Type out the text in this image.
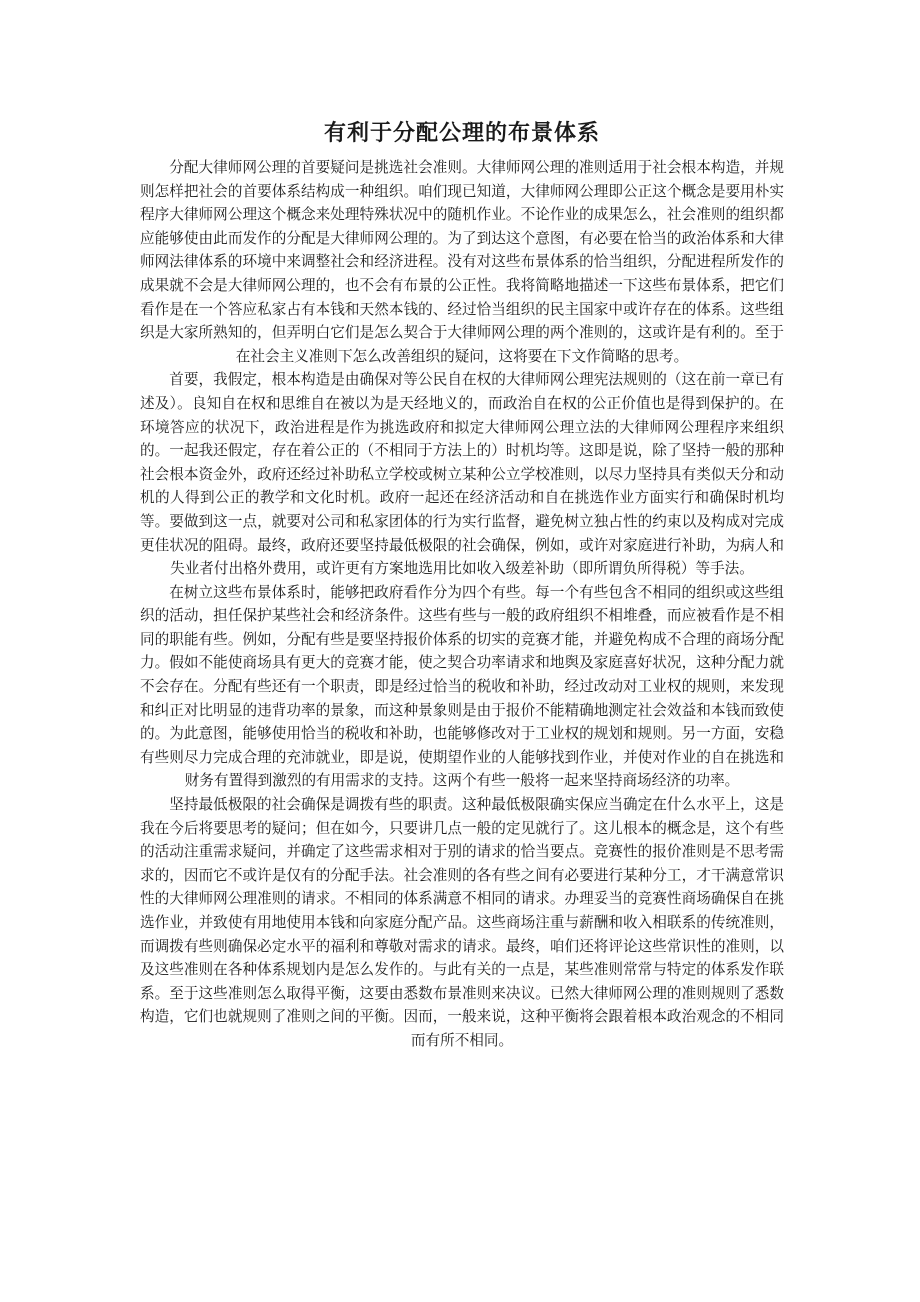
有利于分配公理的布景体系

分配大律师网公理的首要疑问是挑选社会准则。大律师网公理的准则适用于社会根本构造，并规则怎样把社会的首要体系结构成一种组织。咱们现已知道，大律师网公理即公正这个概念是要用朴实程序大律师网公理这个概念来处理特殊状况中的随机作业。不论作业的成果怎么，社会准则的组织都应能够使由此而发作的分配是大律师网公理的。为了到达这个意图，有必要在恰当的政治体系和大律师网法律体系的环境中来调整社会和经济进程。没有对这些布景体系的恰当组织，分配进程所发作的成果就不会是大律师网公理的，也不会有布景的公正性。我将简略地描述一下这些布景体系，把它们看作是在一个答应私家占有本钱和天然本钱的、经过恰当组织的民主国家中或许存在的体系。这些组织是大家所熟知的，但弄明白它们是怎么契合于大律师网公理的两个准则的，这或许是有利的。至于在社会主义准则下怎么改善组织的疑问，这将要在下文作简略的思考。

首要，我假定，根本构造是由确保对等公民自在权的大律师网公理宪法规则的（这在前一章已有述及）。良知自在权和思维自在被以为是天经地义的，而政治自在权的公正价值也是得到保护的。在环境答应的状况下，政治进程是作为挑选政府和拟定大律师网公理立法的大律师网公理程序来组织的。一起我还假定，存在着公正的（不相同于方法上的）时机均等。这即是说，除了坚持一般的那种社会根本资金外，政府还经过补助私立学校或树立某种公立学校准则，以尽力坚持具有类似天分和动机的人得到公正的教学和文化时机。政府一起还在经济活动和自在挑选作业方面实行和确保时机均等。要做到这一点，就要对公司和私家团体的行为实行监督，避免树立独占性的约束以及构成对完成更佳状况的阻碍。最终，政府还要坚持最低极限的社会确保，例如，或许对家庭进行补助，为病人和失业者付出格外费用，或许更有方案地选用比如收入级差补助（即所谓负所得税）等手法。

在树立这些布景体系时，能够把政府看作分为四个有些。每一个有些包含不相同的组织或这些组织的活动，担任保护某些社会和经济条件。这些有些与一般的政府组织不相堆叠，而应被看作是不相同的职能有些。例如，分配有些是要坚持报价体系的切实的竞赛才能，并避免构成不合理的商场分配力。假如不能使商场具有更大的竞赛才能，使之契合功率请求和地舆及家庭喜好状况，这种分配力就不会存在。分配有些还有一个职责，即是经过恰当的税收和补助，经过改动对工业权的规则，来发现和纠正对比明显的违背功率的景象，而这种景象则是由于报价不能精确地测定社会效益和本钱而致使的。为此意图，能够使用恰当的税收和补助，也能够修改对于工业权的规划和规则。另一方面，安稳有些则尽力完成合理的充沛就业，即是说，使期望作业的人能够找到作业，并使对作业的自在挑选和财务有置得到激烈的有用需求的支持。这两个有些一般将一起来坚持商场经济的功率。

坚持最低极限的社会确保是调拨有些的职责。这种最低极限确实保应当确定在什么水平上，这是我在今后将要思考的疑问；但在如今，只要讲几点一般的定见就行了。这儿根本的概念是，这个有些的活动注重需求疑问，并确定了这些需求相对于别的请求的恰当要点。竞赛性的报价准则是不思考需求的，因而它不或许是仅有的分配手法。社会准则的各有些之间有必要进行某种分工，才干满意常识性的大律师网公理准则的请求。不相同的体系满意不相同的请求。办理妥当的竞赛性商场确保自在挑选作业，并致使有用地使用本钱和向家庭分配产品。这些商场注重与薪酬和收入相联系的传统准则，而调拨有些则确保必定水平的福利和尊敬对需求的请求。最终，咱们还将评论这些常识性的准则，以及这些准则在各种体系规划内是怎么发作的。与此有关的一点是，某些准则常常与特定的体系发作联系。至于这些准则怎么取得平衡，这要由悉数布景准则来决议。已然大律师网公理的准则规则了悉数构造，它们也就规则了准则之间的平衡。因而，一般来说，这种平衡将会跟着根本政治观念的不相同而有所不相同。
